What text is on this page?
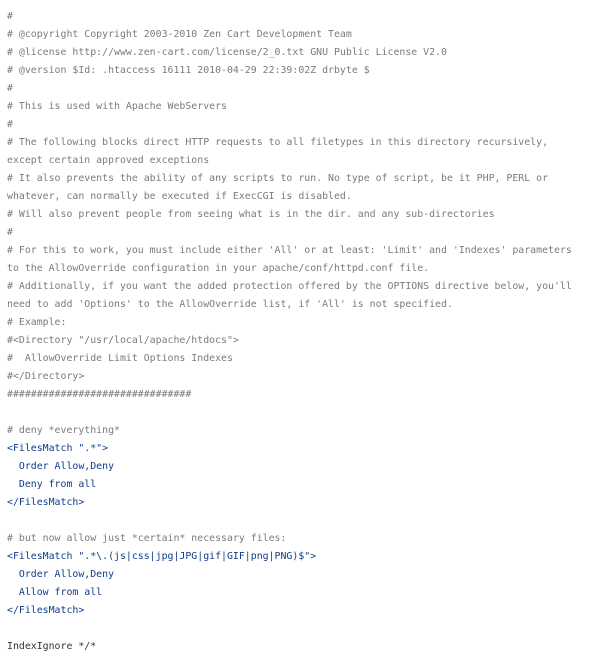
#
# @copyright Copyright 2003-2010 Zen Cart Development Team
# @license http://www.zen-cart.com/license/2_0.txt GNU Public License V2.0
# @version $Id: .htaccess 16111 2010-04-29 22:39:02Z drbyte $
#
# This is used with Apache WebServers
#
# The following blocks direct HTTP requests to all filetypes in this directory recursively,
except certain approved exceptions
# It also prevents the ability of any scripts to run. No type of script, be it PHP, PERL or
whatever, can normally be executed if ExecCGI is disabled.
# Will also prevent people from seeing what is in the dir. and any sub-directories
#
# For this to work, you must include either 'All' or at least: 'Limit' and 'Indexes' parameters
to the AllowOverride configuration in your apache/conf/httpd.conf file.
# Additionally, if you want the added protection offered by the OPTIONS directive below, you'll
need to add 'Options' to the AllowOverride list, if 'All' is not specified.
# Example:
#<Directory "/usr/local/apache/htdocs">
#  AllowOverride Limit Options Indexes
#</Directory>
###############################
# deny *everything*
<FilesMatch ".*">
Order Allow,Deny
Deny from all
</FilesMatch>
# but now allow just *certain* necessary files:
<FilesMatch ".*\.(js|css|jpg|JPG|gif|GIF|png|PNG)$">
Order Allow,Deny
Allow from all
</FilesMatch>
IndexIgnore */*
